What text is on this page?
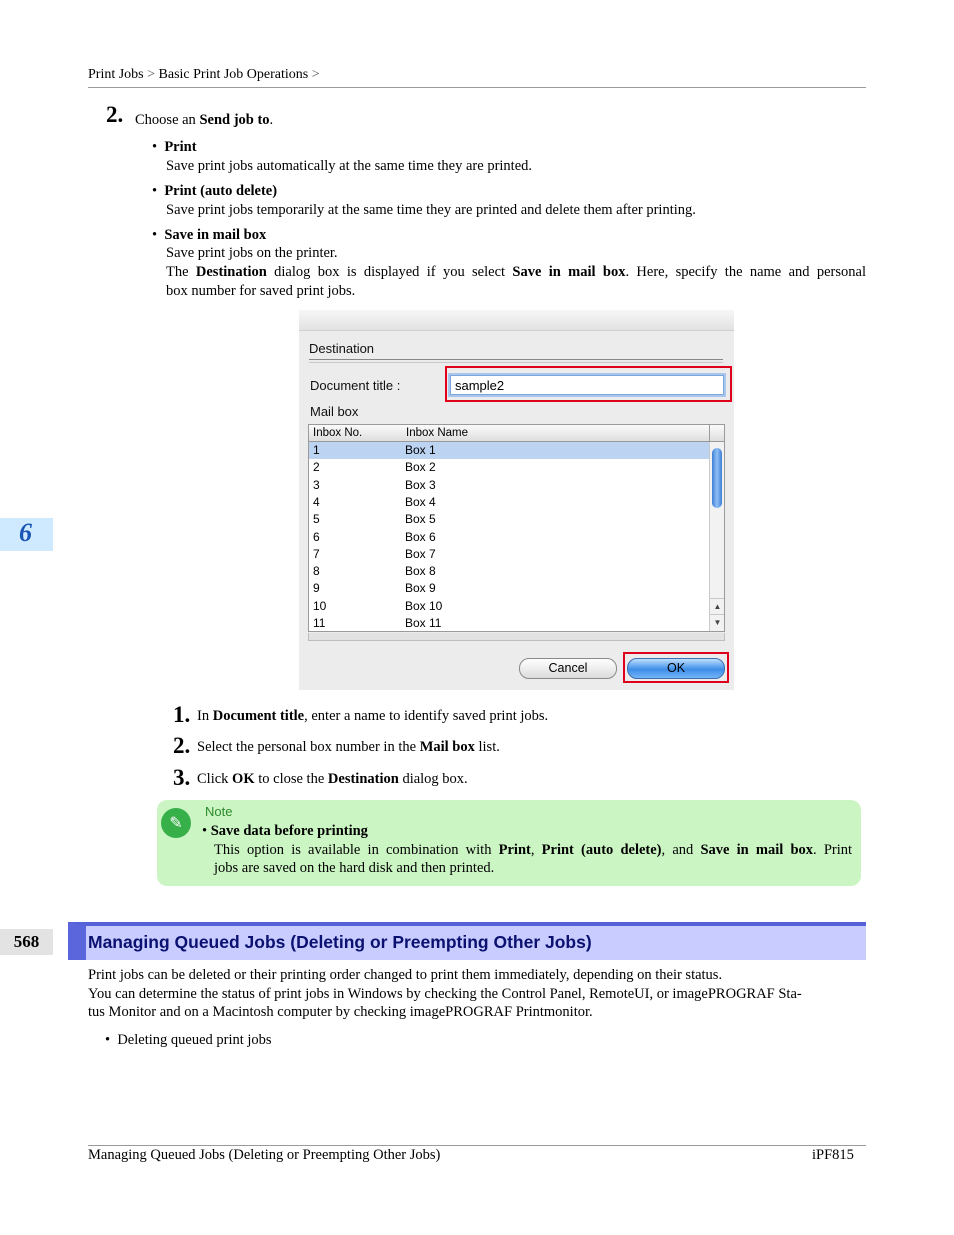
Print Jobs > Basic Print Job Operations >
2. Choose an Send job to.
•  Print
Save print jobs automatically at the same time they are printed.
•  Print (auto delete)
Save print jobs temporarily at the same time they are printed and delete them after printing.
•  Save in mail box
Save print jobs on the printer.
The Destination dialog box is displayed if you select Save in mail box. Here, specify the name and personal
box number for saved print jobs.
Destination
Document title :	sample2
Mail box
Inbox No.	Inbox Name
1	Box 1
2	Box 2
3	Box 3
4	Box 4
5	Box 5
6	Box 6
7	Box 7
8	Box 8
9	Box 9
10	Box 10
11	Box 11
▲
▼
Cancel	OK
1. In Document title, enter a name to identify saved print jobs.
2. Select the personal box number in the Mail box list.
3. Click OK to close the Destination dialog box.
✎
Note
• Save data before printing
This option is available in combination with Print, Print (auto delete), and Save in mail box. Print
jobs are saved on the hard disk and then printed.
6
568	Managing Queued Jobs (Deleting or Preempting Other Jobs)
Print jobs can be deleted or their printing order changed to print them immediately, depending on their status.
You can determine the status of print jobs in Windows by checking the Control Panel, RemoteUI, or imagePROGRAF Sta-
tus Monitor and on a Macintosh computer by checking imagePROGRAF Printmonitor.
•  Deleting queued print jobs
Managing Queued Jobs (Deleting or Preempting Other Jobs)	iPF815
